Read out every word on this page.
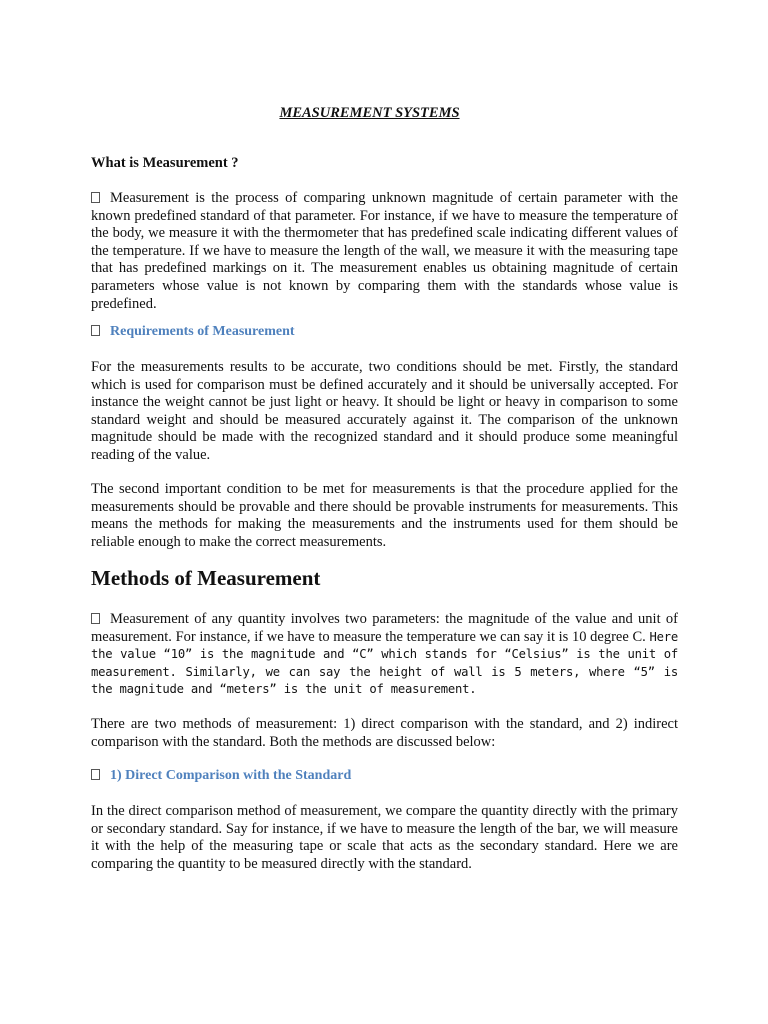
MEASUREMENT SYSTEMS
What is Measurement ?

Measurement is the process of comparing unknown magnitude of certain parameter with the known predefined standard of that parameter. For instance, if we have to measure the temperature of the body, we measure it with the thermometer that has predefined scale indicating different values of the temperature. If we have to measure the length of the wall, we measure it with the measuring tape that has predefined markings on it. The measurement enables us obtaining magnitude of certain parameters whose value is not known by comparing them with the standards whose value is predefined.

Requirements of Measurement

For the measurements results to be accurate, two conditions should be met. Firstly, the standard which is used for comparison must be defined accurately and it should be universally accepted. For instance the weight cannot be just light or heavy. It should be light or heavy in comparison to some standard weight and should be measured accurately against it. The comparison of the unknown magnitude should be made with the recognized standard and it should produce some meaningful reading of the value.

The second important condition to be met for measurements is that the procedure applied for the measurements should be provable and there should be provable instruments for measurements. This means the methods for making the measurements and the instruments used for them should be reliable enough to make the correct measurements.

Methods of Measurement

Measurement of any quantity involves two parameters: the magnitude of the value and unit of measurement. For instance, if we have to measure the temperature we can say it is 10 degree C. Here the value “10” is the magnitude and “C” which stands for “Celsius” is the unit of measurement. Similarly, we can say the height of wall is 5 meters, where “5” is the magnitude and “meters” is the unit of measurement.

There are two methods of measurement: 1) direct comparison with the standard, and 2) indirect comparison with the standard. Both the methods are discussed below:

1) Direct Comparison with the Standard

In the direct comparison method of measurement, we compare the quantity directly with the primary or secondary standard. Say for instance, if we have to measure the length of the bar, we will measure it with the help of the measuring tape or scale that acts as the secondary standard. Here we are comparing the quantity to be measured directly with the standard.
